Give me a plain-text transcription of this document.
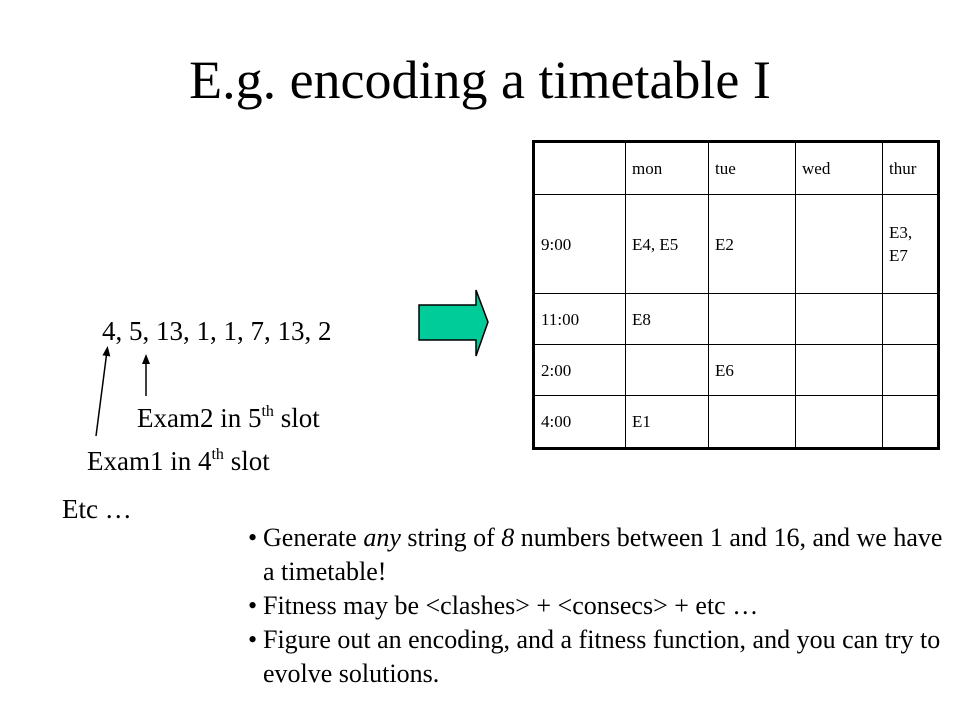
E.g. encoding a timetable I
4, 5, 13, 1, 1, 7, 13, 2
Exam2 in 5th slot
Exam1 in 4th slot
Etc …
	mon	tue	wed	thur
9:00	E4, E5	E2		E3, E7
11:00	E8			
2:00		E6		
4:00	E1			
• Generate any string of 8 numbers between 1 and 16, and we have a timetable!
• Fitness may be <clashes> + <consecs> + etc …
• Figure out an encoding, and a fitness function, and you can try to evolve solutions.
